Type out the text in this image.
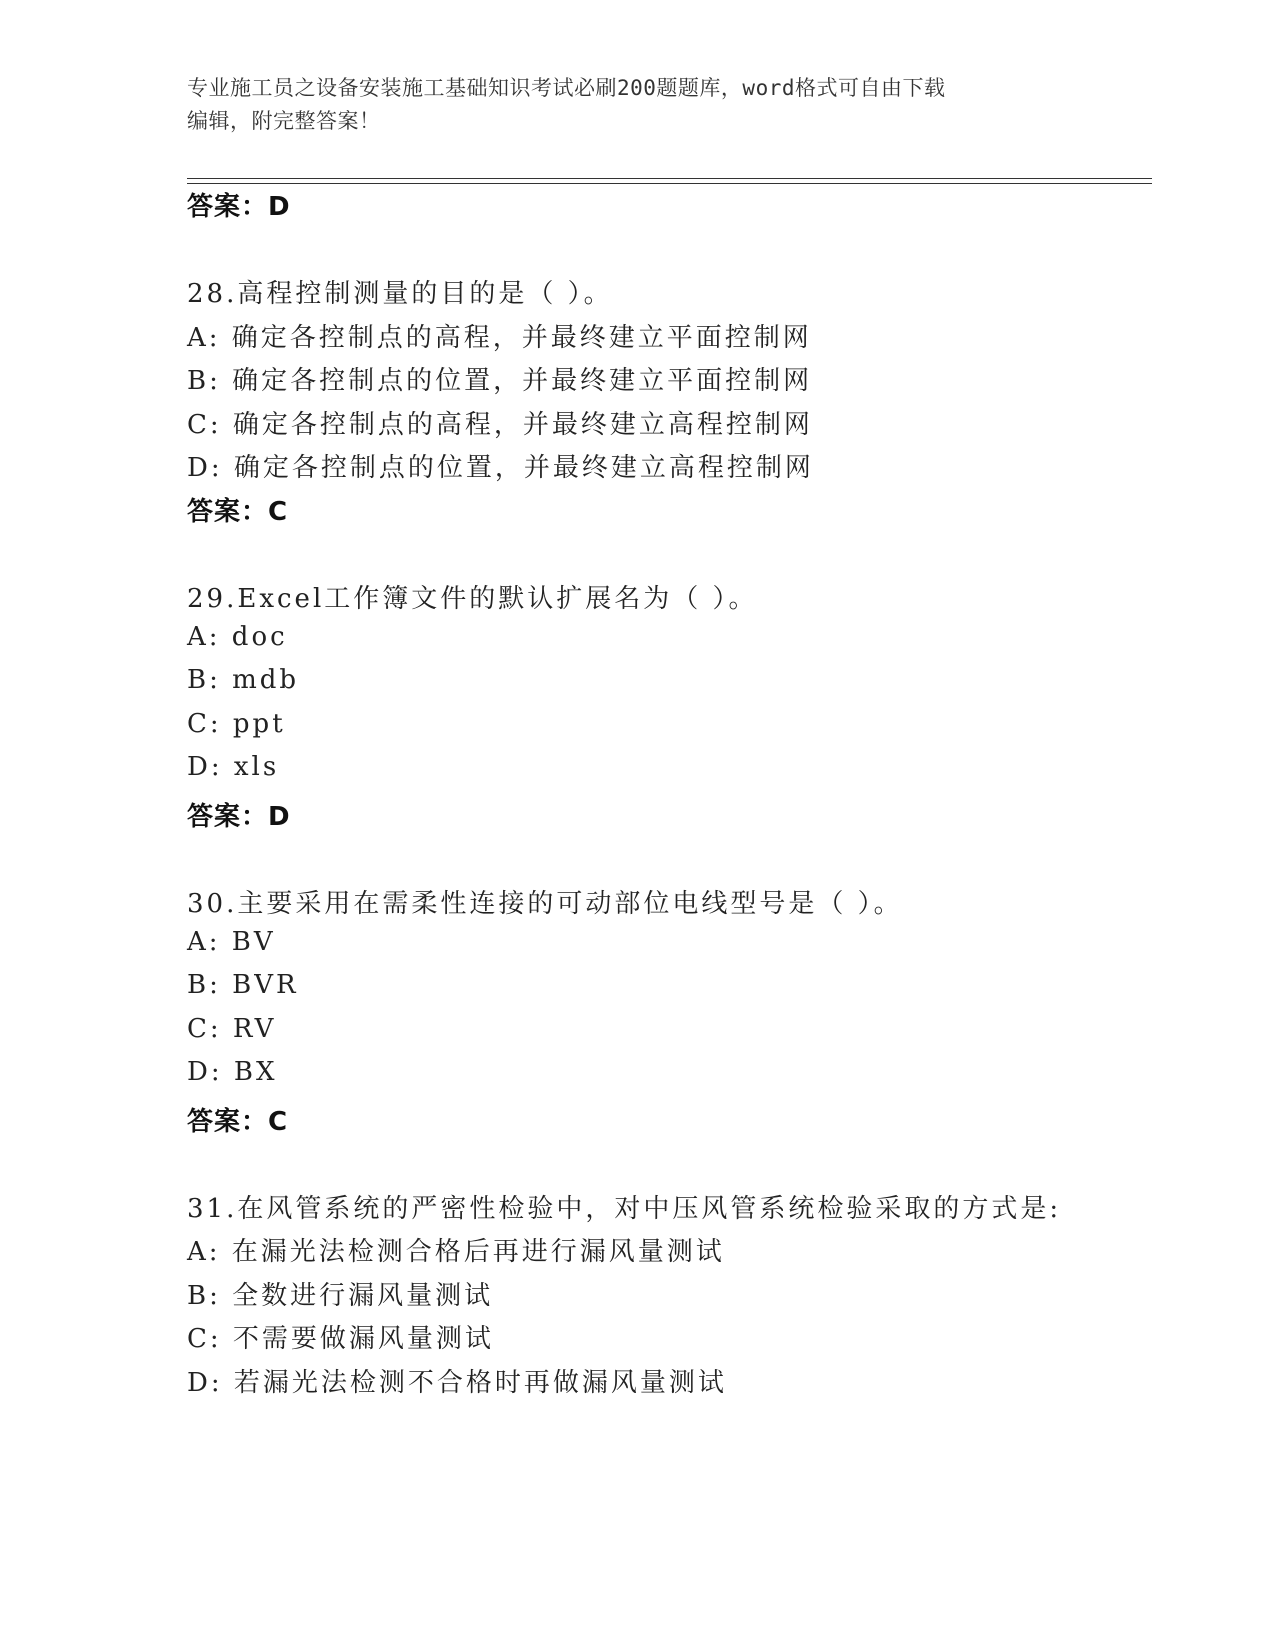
专业施工员之设备安装施工基础知识考试必刷200题题库，word格式可自由下载
编辑，附完整答案！
答案：D
28.高程控制测量的目的是（ ）。
A: 确定各控制点的高程，并最终建立平面控制网
B: 确定各控制点的位置，并最终建立平面控制网
C: 确定各控制点的高程，并最终建立高程控制网
D: 确定各控制点的位置，并最终建立高程控制网
答案：C
29.Excel工作簿文件的默认扩展名为（ ）。
A: doc
B: mdb
C: ppt
D: xls
答案：D
30.主要采用在需柔性连接的可动部位电线型号是（ ）。
A: BV
B: BVR
C: RV
D: BX
答案：C
31.在风管系统的严密性检验中，对中压风管系统检验采取的方式是:
A: 在漏光法检测合格后再进行漏风量测试
B: 全数进行漏风量测试
C: 不需要做漏风量测试
D: 若漏光法检测不合格时再做漏风量测试
